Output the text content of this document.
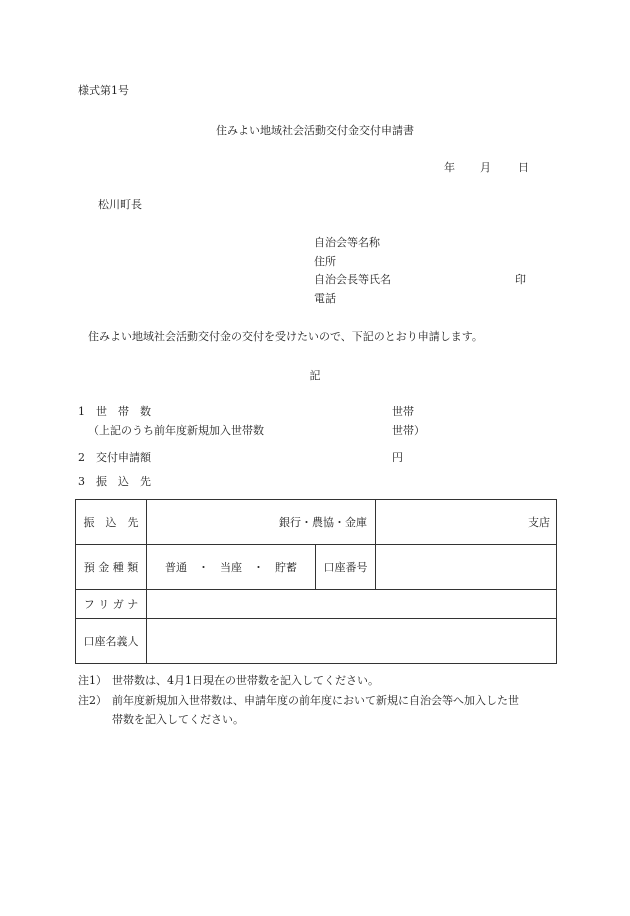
様式第1号
住みよい地域社会活動交付金交付申請書
年 月 日
松川町長
自治会等名称
住所
自治会長等氏名	印
電話
住みよい地域社会活動交付金の交付を受けたいので、下記のとおり申請します。
記
1　世　帯　数	世帯
（上記のうち前年度新規加入世帯数	世帯）
2　交付申請額	円
3　振　込　先
振　込　先	銀行・農協・金庫		支店
預 金 種 類	普通　・　当座　・　貯蓄	口座番号	
フ リ ガ ナ			
口座名義人			
注1） 世帯数は、4月1日現在の世帯数を記入してください。
注2） 前年度新規加入世帯数は、申請年度の前年度において新規に自治会等へ加入した世
帯数を記入してください。
